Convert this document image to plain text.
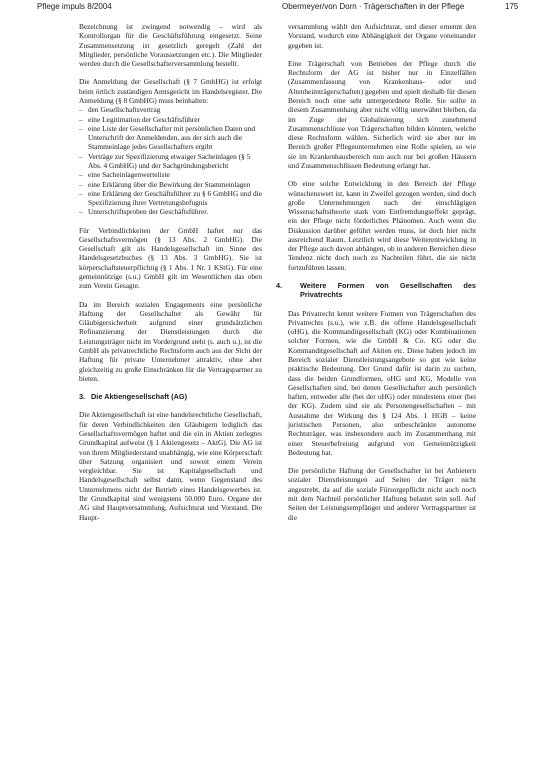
Pflege impuls 8/2004	Obermeyer/von Dorn · Trägerschaften in der Pflege	175

Bezeichnung ist zwingend notwendig – wird als Kontrollorgan für die Geschäftsführung eingesetzt. Seine Zusammensetzung ist gesetzlich geregelt (Zahl der Mitglieder, persönliche Voraussetzungen etc.). Die Mitglieder werden durch die Gesellschafterversammlung bestellt.

Die Anmeldung der Gesellschaft (§ 7 GmbHG) ist erfolgt beim örtlich zuständigen Amtsgericht im Handelsregister. Die Anmeldung (§ 8 GmbHG) muss beinhalten:

– den Gesellschaftsvertrag
– eine Legitimation der Geschäftsführer
– eine Liste der Gesellschafter mit persönlichen Daten und Unterschrift der Anmeldenden, aus der sich auch die Stammeinlage jedes Gesellschafters ergibt
– Verträge zur Spezifizierung etwaiger Sacheinlagen (§ 5 Abs. 4 GmbHG) und der Sachgründungsbericht
– eine Sacheinlagenwerteliste
– eine Erklärung über die Bewirkung der Stammeinlagen
– eine Erklärung der Geschäftsführer zu § 6 GmbHG und die Spezifizierung ihrer Vertretungsbefugnis
– Unterschriftsproben der Geschäftsführer.

Für Verbindlichkeiten der GmbH haftet nur das Gesellschaftsvermögen (§ 13 Abs. 2 GmbHG). Die Gesellschaft gilt als Handelsgesellschaft im Sinne des Handelsgesetzbuches (§ 13 Abs. 3 GmbHG). Sie ist körperschaftsteuerpflichtig (§ 1 Abs. 1 Nr. 1 KStG). Für eine gemeinnützige (s.u.) GmbH gilt im Wesentlichen das oben zum Verein Gesagte.

Da im Bereich sozialen Engagements eine persönliche Haftung der Gesellschafter als Gewähr für Gläubigersicherheit aufgrund einer grundsätzlichen Refinanzierung der Dienstleistungen durch die Leistungsträger nicht im Vordergrund steht (s. auch u.), ist die GmbH als privatrechtliche Rechtsform auch aus der Sicht der Haftung für private Unternehmer attraktiv, ohne aber gleichzeitig zu große Einschränken für die Vertragspartner zu bieten.

3. Die Aktiengesellschaft (AG)

Die Aktiengesellschaft ist eine handelsrechtliche Gesellschaft, für deren Verbindlichkeiten den Gläubigern lediglich das Gesellschaftsvermögen haftet und die ein in Aktien zerlegtes Grundkapital aufweist (§ 1 Aktiengesetz – AktG). Die AG ist von ihrem Mitgliederstand unabhängig, wie eine Körperschaft über Satzung organisiert und soweit einem Verein vergleichbar. Sie ist Kapitalgesellschaft und Handelsgesellschaft selbst dann, wenn Gegenstand des Unternehmens nicht der Betrieb eines Handelsgewerbes ist. Ihr Grundkapital sind wenigstens 50.000 Euro. Organe der AG sind Hauptversammlung, Aufsichtsrat und Vorstand. Die Haupt-

versammlung wählt den Aufsichtsrat, und dieser ernennt den Vorstand, wodurch eine Abhängigkeit der Organe voneinander gegeben ist.

Eine Trägerschaft von Betrieben der Pflege durch die Rechtsform der AG ist bisher nur in Einzelfällen (Zusammenfassung von Krankenhaus- oder und Altenheimträgerschaften) gegeben und spielt deshalb für diesen Bereich noch eine sehr untergeordnete Rolle. Sie sollte in diesem Zusammenhang aber nicht völlig unerwähnt bleiben, da im Zuge der Globalisierung sich zunehmend Zusammenschlüsse von Trägerschaften bilden könnten, welche diese Rechtsform wählen. Sicherlich wird sie aber nur im Bereich großer Pflegeunternehmen eine Rolle spielen, so wie sie im Krankenhausbereich nun auch nur bei großen Häusern und Zusammenschlüssen Bedeutung erlangt hat.

Ob eine solche Entwicklung in den Bereich der Pflege wünschenswert ist, kann in Zweifel gezogen werden, sind doch große Unternehmungen nach der einschlägigen Wissenschaftstheorie stark vom Entfremdungseffekt geprägt, ein der Pflege nicht förderliches Phänomen. Auch wenn die Diskussion darüber geführt werden muss, ist doch hier nicht ausreichend Raum. Letztlich wird diese Weiterentwicklung in der Pflege auch davon abhängen, ob in anderen Bereichen diese Tendenz nicht doch noch zu Nachteilen führt, die sie nicht fortzuführen lassen.

4. Weitere Formen von Gesellschaften des Privatrechts

Das Privatrecht kennt weitere Formen von Trägerschaften des Privatrechts (s.u.), wie z.B. die offene Handelsgesellschaft (oHG), die Kommanditgesellschaft (KG) oder Kombinationen solcher Formen, wie die GmbH & Co. KG oder die Kommanditgesellschaft auf Aktien etc. Diese haben jedoch im Bereich sozialer Dienstleistungsangebote so gut wie keine praktische Bedeutung. Der Grund dafür ist darin zu suchen, dass die beiden Grundformen, oHG und KG, Modelle von Gesellschaften sind, bei denen Gesellschafter auch persönlich haften, entweder alle (bei der oHG) oder mindestens einer (bei der KG). Zudem sind sie als Personengesellschaften – mit Ausnahme der Wirkung des § 124 Abs. 1 HGB – keine juristischen Personen, also unbeschränkte autonome Rechtsträger, was insbesondere auch im Zusammenhang mit einer Steuerbefreiung aufgrund von Gemeinnützigkeit Bedeutung hat.

Die persönliche Haftung der Gesellschafter ist bei Anbietern sozialer Dienstleistungen auf Seiten der Träger nicht angestrebt, da auf die soziale Fürsorgepflicht nicht auch noch mit dem Nachteil persönlicher Haftung belastet sein soll. Auf Seiten der Leistungsempfänger und anderer Vertragspartner ist die
